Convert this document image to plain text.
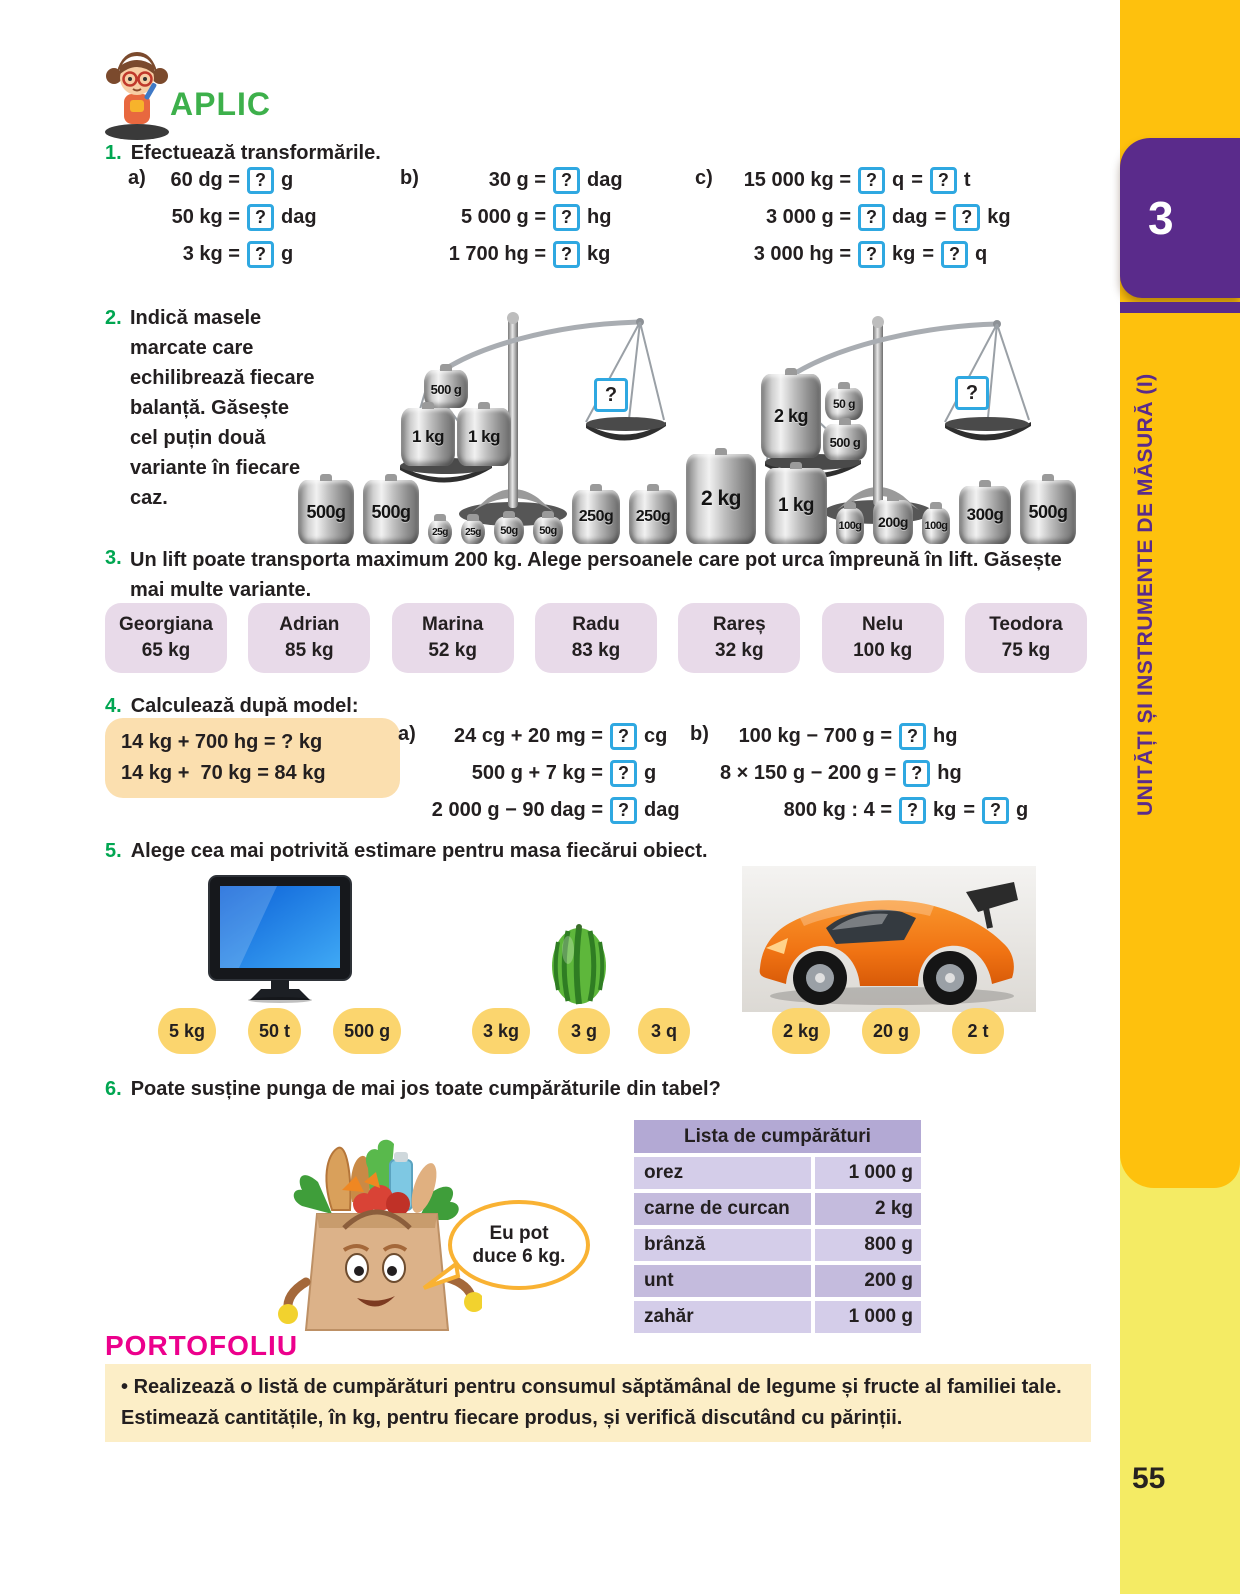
APLIC
1. Efectuează transformările.
a)	60 dg = ? g
50 kg = ? dag
3 kg = ? g
b)	30 g = ? dag
5 000 g = ? hg
1 700 hg = ? kg
c)	15 000 kg = ? q = ? t
3 000 g = ? dag = ? kg
3 000 hg = ? kg = ? q
2. Indică masele marcate care echilibrează fiecare balanță. Găsește cel puțin două variante în fiecare caz.
500 g
1 kg 1 kg
?
2 kg
50 g
500 g
?
500g 500g
25g 25g 50g 50g
250g 250g
2 kg 1 kg
100g 200g 100g
300g 500g
3. Un lift poate transporta maximum 200 kg. Alege persoanele care pot urca împreună în lift. Găsește mai multe variante.
Georgiana
65 kg
Adrian
85 kg
Marina
52 kg
Radu
83 kg
Rareș
32 kg
Nelu
100 kg
Teodora
75 kg
4. Calculează după model:
14 kg + 700 hg = ? kg
14 kg +  70 kg = 84 kg
a)	24 cg + 20 mg = ? cg
500 g + 7 kg = ? g
2 000 g − 90 dag = ? dag
b)	100 kg − 700 g = ? hg
8 × 150 g − 200 g = ? hg
800 kg : 4 = ? kg = ? g
5. Alege cea mai potrivită estimare pentru masa fiecărui obiect.
5 kg	50 t	500 g	3 kg	3 g	3 q	2 kg	20 g	2 t
6. Poate susține punga de mai jos toate cumpărăturile din tabel?
Eu pot
duce 6 kg.
Lista de cumpărături
orez	1 000 g
carne de curcan	2 kg
brânză	800 g
unt	200 g
zahăr	1 000 g
PORTOFOLIU

• Realizează o listă de cumpărături pentru consumul săptămânal de legume și fructe al familiei tale. Estimează cantitățile, în kg, pentru fiecare produs, și verifică discutând cu părinții.

3
UNITĂȚI ȘI INSTRUMENTE DE MĂSURĂ (I)
55
